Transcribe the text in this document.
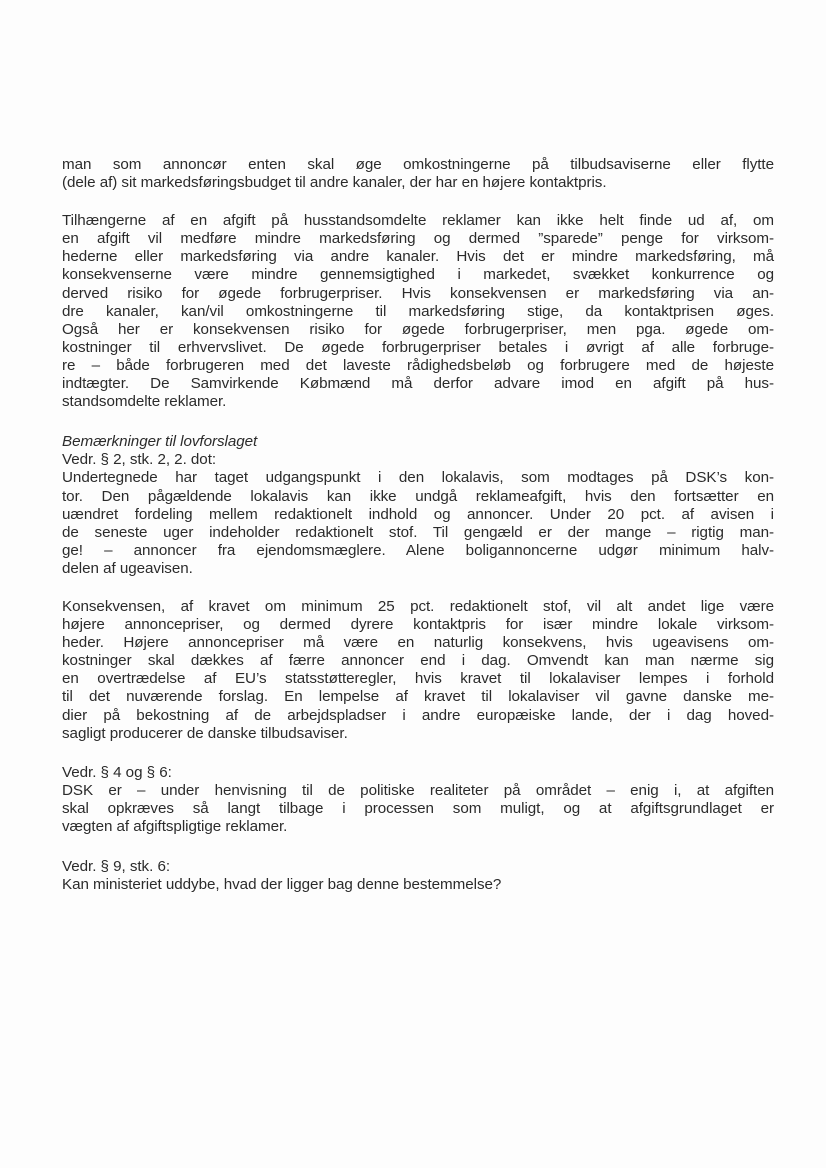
man som annoncør enten skal øge omkostningerne på tilbudsaviserne eller flytte
(dele af) sit markedsføringsbudget til andre kanaler, der har en højere kontaktpris.
Tilhængerne af en afgift på husstandsomdelte reklamer kan ikke helt finde ud af, om
en afgift vil medføre mindre markedsføring og dermed ”sparede” penge for virksom-
hederne eller markedsføring via andre kanaler. Hvis det er mindre markedsføring, må
konsekvenserne være mindre gennemsigtighed i markedet, svækket konkurrence og
derved risiko for øgede forbrugerpriser. Hvis konsekvensen er markedsføring via an-
dre kanaler, kan/vil omkostningerne til markedsføring stige, da kontaktprisen øges.
Også her er konsekvensen risiko for øgede forbrugerpriser, men pga. øgede om-
kostninger til erhvervslivet. De øgede forbrugerpriser betales i øvrigt af alle forbruge-
re – både forbrugeren med det laveste rådighedsbeløb og forbrugere med de højeste
indtægter. De Samvirkende Købmænd må derfor advare imod en afgift på hus-
standsomdelte reklamer.
Bemærkninger til lovforslaget
Vedr. § 2, stk. 2, 2. dot:
Undertegnede har taget udgangspunkt i den lokalavis, som modtages på DSK’s kon-
tor. Den pågældende lokalavis kan ikke undgå reklameafgift, hvis den fortsætter en
uændret fordeling mellem redaktionelt indhold og annoncer. Under 20 pct. af avisen i
de seneste uger indeholder redaktionelt stof. Til gengæld er der mange – rigtig man-
ge! – annoncer fra ejendomsmæglere. Alene boligannoncerne udgør minimum halv-
delen af ugeavisen.
Konsekvensen, af kravet om minimum 25 pct. redaktionelt stof, vil alt andet lige være
højere annoncepriser, og dermed dyrere kontaktpris for især mindre lokale virksom-
heder. Højere annoncepriser må være en naturlig konsekvens, hvis ugeavisens om-
kostninger skal dækkes af færre annoncer end i dag. Omvendt kan man nærme sig
en overtrædelse af EU’s statsstøtteregler, hvis kravet til lokalaviser lempes i forhold
til det nuværende forslag. En lempelse af kravet til lokalaviser vil gavne danske me-
dier på bekostning af de arbejdspladser i andre europæiske lande, der i dag hoved-
sagligt producerer de danske tilbudsaviser.
Vedr. § 4 og § 6:
DSK er – under henvisning til de politiske realiteter på området – enig i, at afgiften
skal opkræves så langt tilbage i processen som muligt, og at afgiftsgrundlaget er
vægten af afgiftspligtige reklamer.
Vedr. § 9, stk. 6:
Kan ministeriet uddybe, hvad der ligger bag denne bestemmelse?
